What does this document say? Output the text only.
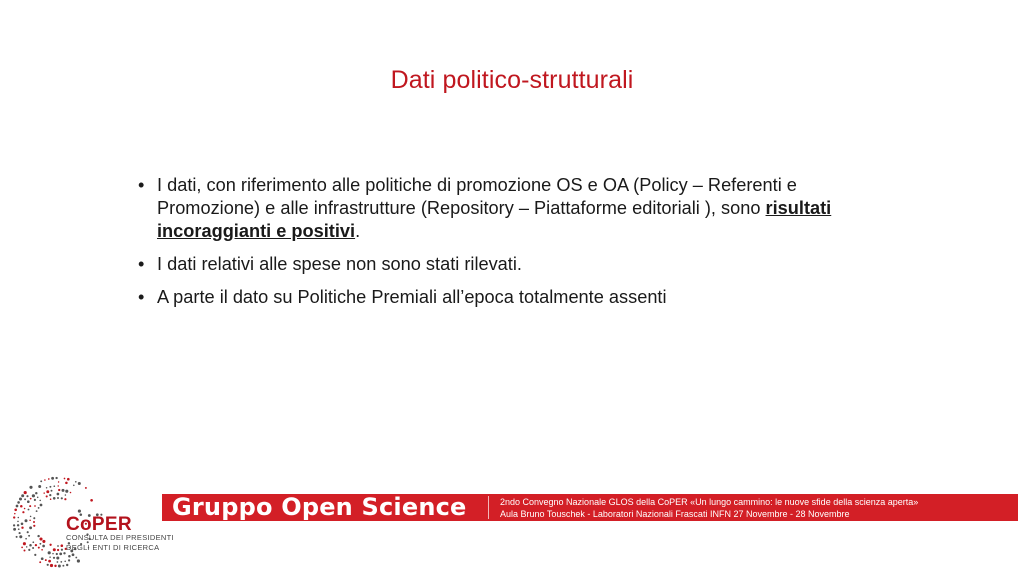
Dati politico-strutturali
• I dati, con riferimento alle politiche di promozione OS e OA (Policy – Referenti e Promozione) e alle infrastrutture (Repository – Piattaforme editoriali ), sono risultati incoraggianti e positivi.
• I dati relativi alle spese non sono stati rilevati.
• A parte il dato su Politiche Premiali all’epoca totalmente assenti
CoPER
CONSULTA DEI PRESIDENTI
DEGLI ENTI DI RICERCA
Gruppo Open Science	2ndo Convegno Nazionale GLOS della CoPER «Un lungo cammino: le nuove sfide della scienza aperta»
Aula Bruno Touschek - Laboratori Nazionali Frascati INFN 27 Novembre - 28 Novembre
